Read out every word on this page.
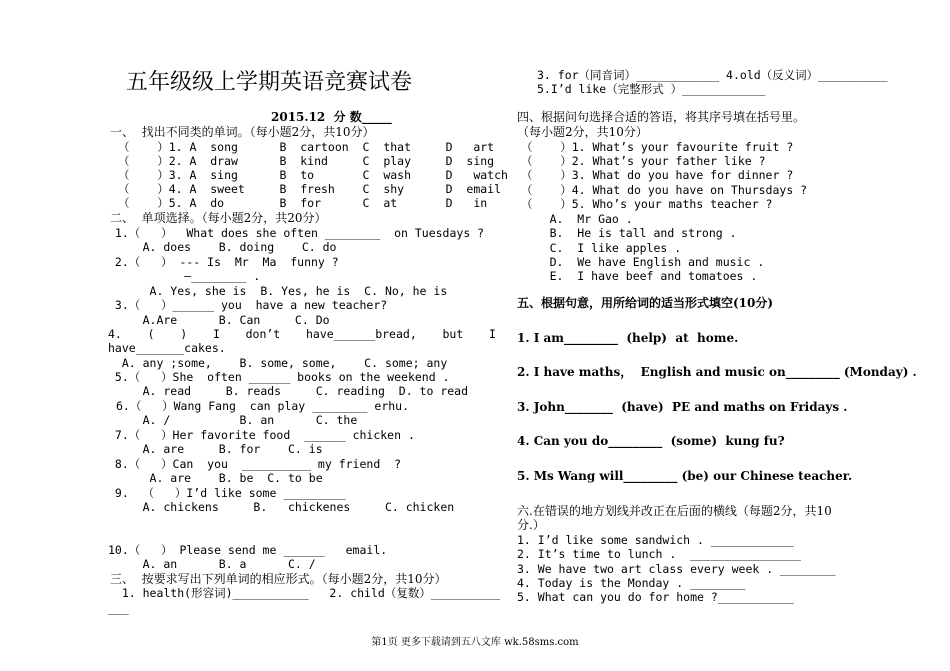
五年级级上学期英语竞赛试卷
2015.12  分 数_____
一、  找出不同类的单词。（每小题2分，共10分）
（    ）1. A  song      B  cartoon  C  that     D   art
（    ）2. A  draw      B  kind     C  play     D  sing
（    ）3. A  sing      B  to       C  wash     D   watch
（    ）4. A  sweet     B  fresh    C  shy      D  email
（    ）5. A  do        B  for      C  at       D   in
二、  单项选择。（每小题2分，共20分）
1.（   ）  What does she often ________  on Tuesdays ?
A. does    B. doing    C. do
2.（   ） --- Is  Mr  Ma  funny ?
—________ .
A. Yes, she is  B. Yes, he is  C. No, he is
3.（   ）______ you  have a new teacher?
A.Are      B. Can     C. Do
4. ( ) I don’t have______bread, but I
have_______cakes.
A. any ;some,    B. some, some,    C. some; any
5.（   ）She  often ______ books on the weekend .
A. read     B. reads     C. reading  D. to read
6.（   ）Wang Fang  can play ________ erhu.
A. /          B. an      C. the
7.（   ）Her favorite food  ______ chicken .
A. are     B. for    C. is
8.（   ）Can  you  __________ my friend  ?
A. are    B. be  C. to be
9.  （   ）I’d like some _________
A. chickens     B.   chickenes     C. chicken
10.（   ） Please send me ______   email.
A. an      B. a      C. /
三、  按要求写出下列单词的相应形式。（每小题2分，共10分）
1. health(形容词)___________   2. child（复数）__________
___
3. for（同音词）____________ 4.old（反义词）__________
5.I’d like（完整形式 ）____________
四、根据问句选择合适的答语，将其序号填在括号里。
（每小题2分，共10分）
（    ）1. What’s your favourite fruit ?
（    ）2. What’s your father like ?
（    ）3. What do you have for dinner ?
（    ）4. What do you have on Thursdays ?
（    ）5. Who’s your maths teacher ?
A.  Mr Gao .
B.  He is tall and strong .
C.  I like apples .
D.  We have English and music .
E.  I have beef and tomatoes .
五、根据句意，用所给词的适当形式填空(10分)
1. I am_________  (help)  at  home.
2. I have maths，  English and music on_________ (Monday) .
3. John________  (have)  PE and maths on Fridays .
4. Can you do_________  (some)  kung fu?
5. Ms Wang will_________ (be) our Chinese teacher.
六.在错误的地方划线并改正在后面的横线（每题2分，共10
分.）
1. I’d like some sandwich . ____________
2. It’s time to lunch .  ________________
3. We have two art class every week . ________
4. Today is the Monday . ________
5. What can you do for home ?___________
第1页 更多下载请到五八文库 wk.58sms.com
